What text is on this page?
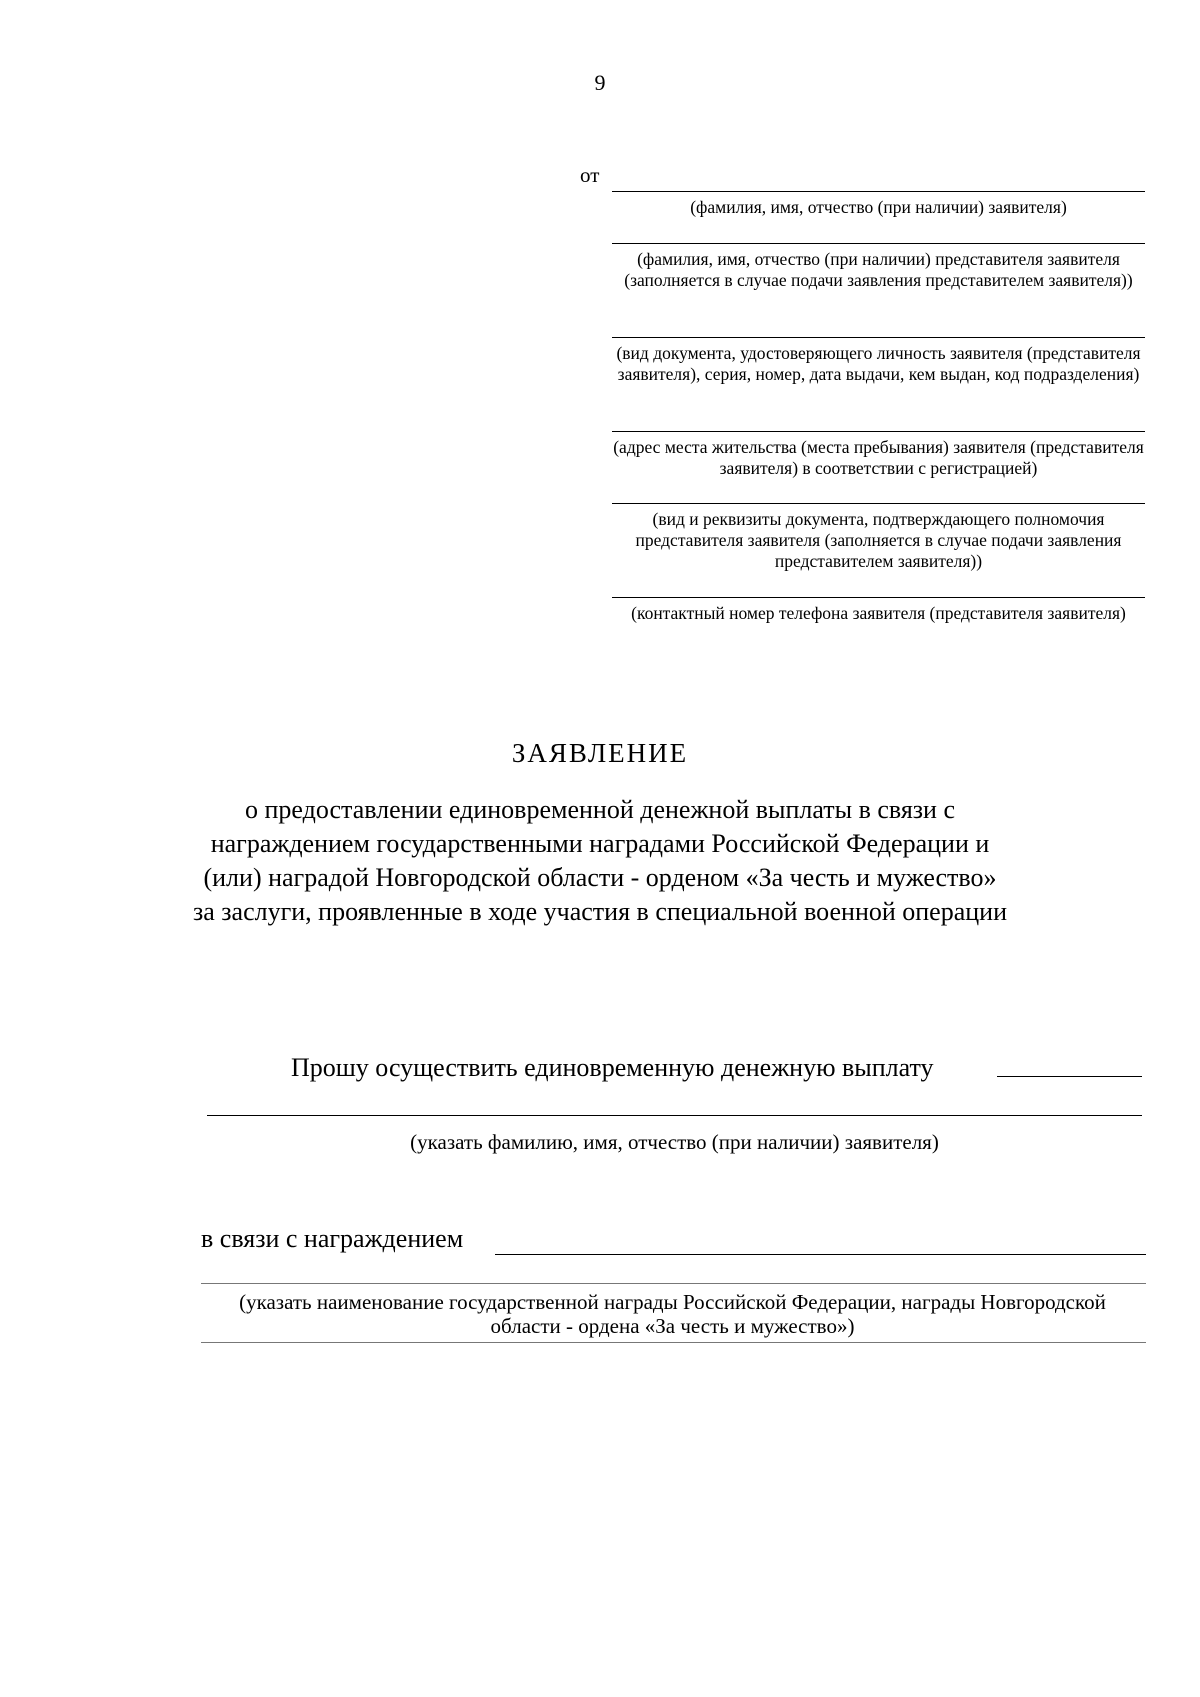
9
от
(фамилия, имя, отчество (при наличии) заявителя)
(фамилия, имя, отчество (при наличии) представителя заявителя (заполняется в случае подачи заявления представителем заявителя))
(вид документа, удостоверяющего личность заявителя (представителя заявителя), серия, номер, дата выдачи, кем выдан, код подразделения)
(адрес места жительства (места пребывания) заявителя (представителя заявителя) в соответствии с регистрацией)
(вид и реквизиты документа, подтверждающего полномочия представителя заявителя (заполняется в случае подачи заявления представителем заявителя))
(контактный номер телефона заявителя (представителя заявителя)
ЗАЯВЛЕНИЕ
о предоставлении единовременной денежной выплаты в связи с награждением государственными наградами Российской Федерации и (или) наградой Новгородской области - орденом «За честь и мужество» за заслуги, проявленные в ходе участия в специальной военной операции
Прошу осуществить единовременную денежную выплату
(указать фамилию, имя, отчество (при наличии) заявителя)
в связи с награждением
(указать наименование государственной награды Российской Федерации, награды Новгородской области - ордена «За честь и мужество»)
